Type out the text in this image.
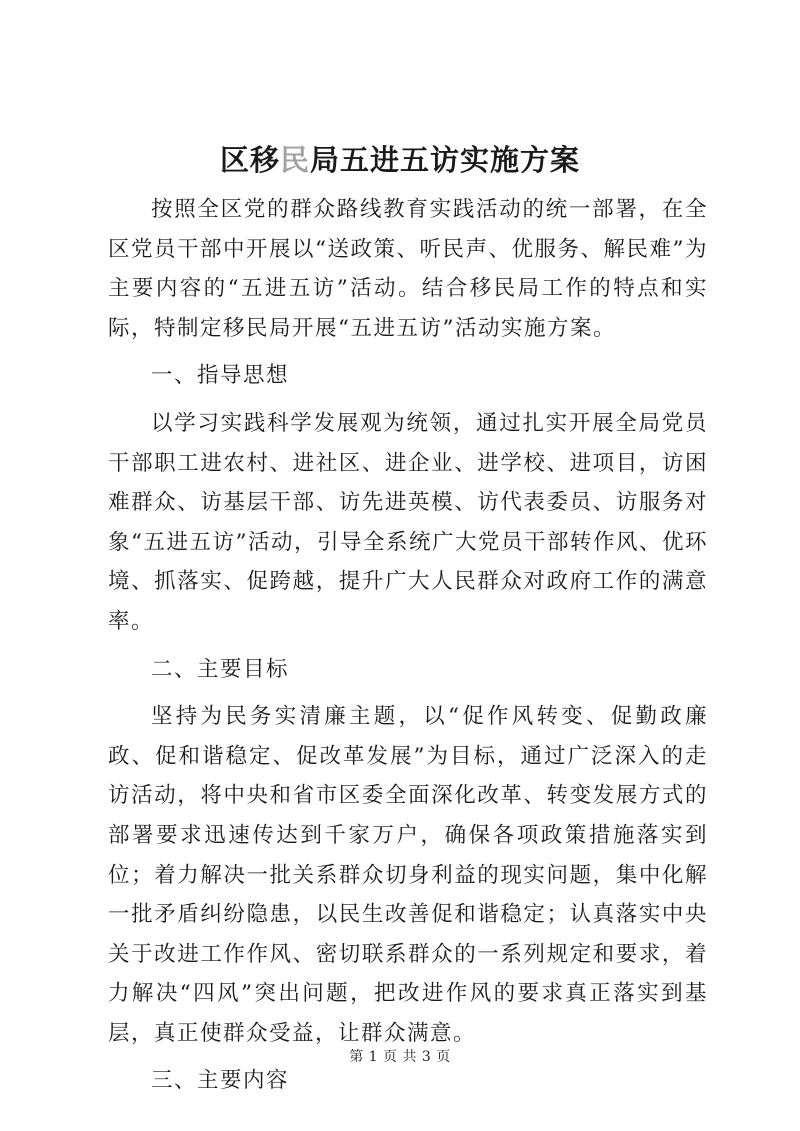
区移民局五进五访实施方案

按照全区党的群众路线教育实践活动的统一部署，在全区党员干部中开展以“送政策、听民声、优服务、解民难”为主要内容的“五进五访”活动。结合移民局工作的特点和实际，特制定移民局开展“五进五访”活动实施方案。

一、指导思想

以学习实践科学发展观为统领，通过扎实开展全局党员干部职工进农村、进社区、进企业、进学校、进项目，访困难群众、访基层干部、访先进英模、访代表委员、访服务对象“五进五访”活动，引导全系统广大党员干部转作风、优环境、抓落实、促跨越，提升广大人民群众对政府工作的满意率。

二、主要目标

坚持为民务实清廉主题，以“促作风转变、促勤政廉政、促和谐稳定、促改革发展”为目标，通过广泛深入的走访活动，将中央和省市区委全面深化改革、转变发展方式的部署要求迅速传达到千家万户，确保各项政策措施落实到位；着力解决一批关系群众切身利益的现实问题，集中化解一批矛盾纠纷隐患，以民生改善促和谐稳定；认真落实中央关于改进工作作风、密切联系群众的一系列规定和要求，着力解决“四风”突出问题，把改进作风的要求真正落实到基层，真正使群众受益，让群众满意。

三、主要内容

第 1 页 共 3 页
